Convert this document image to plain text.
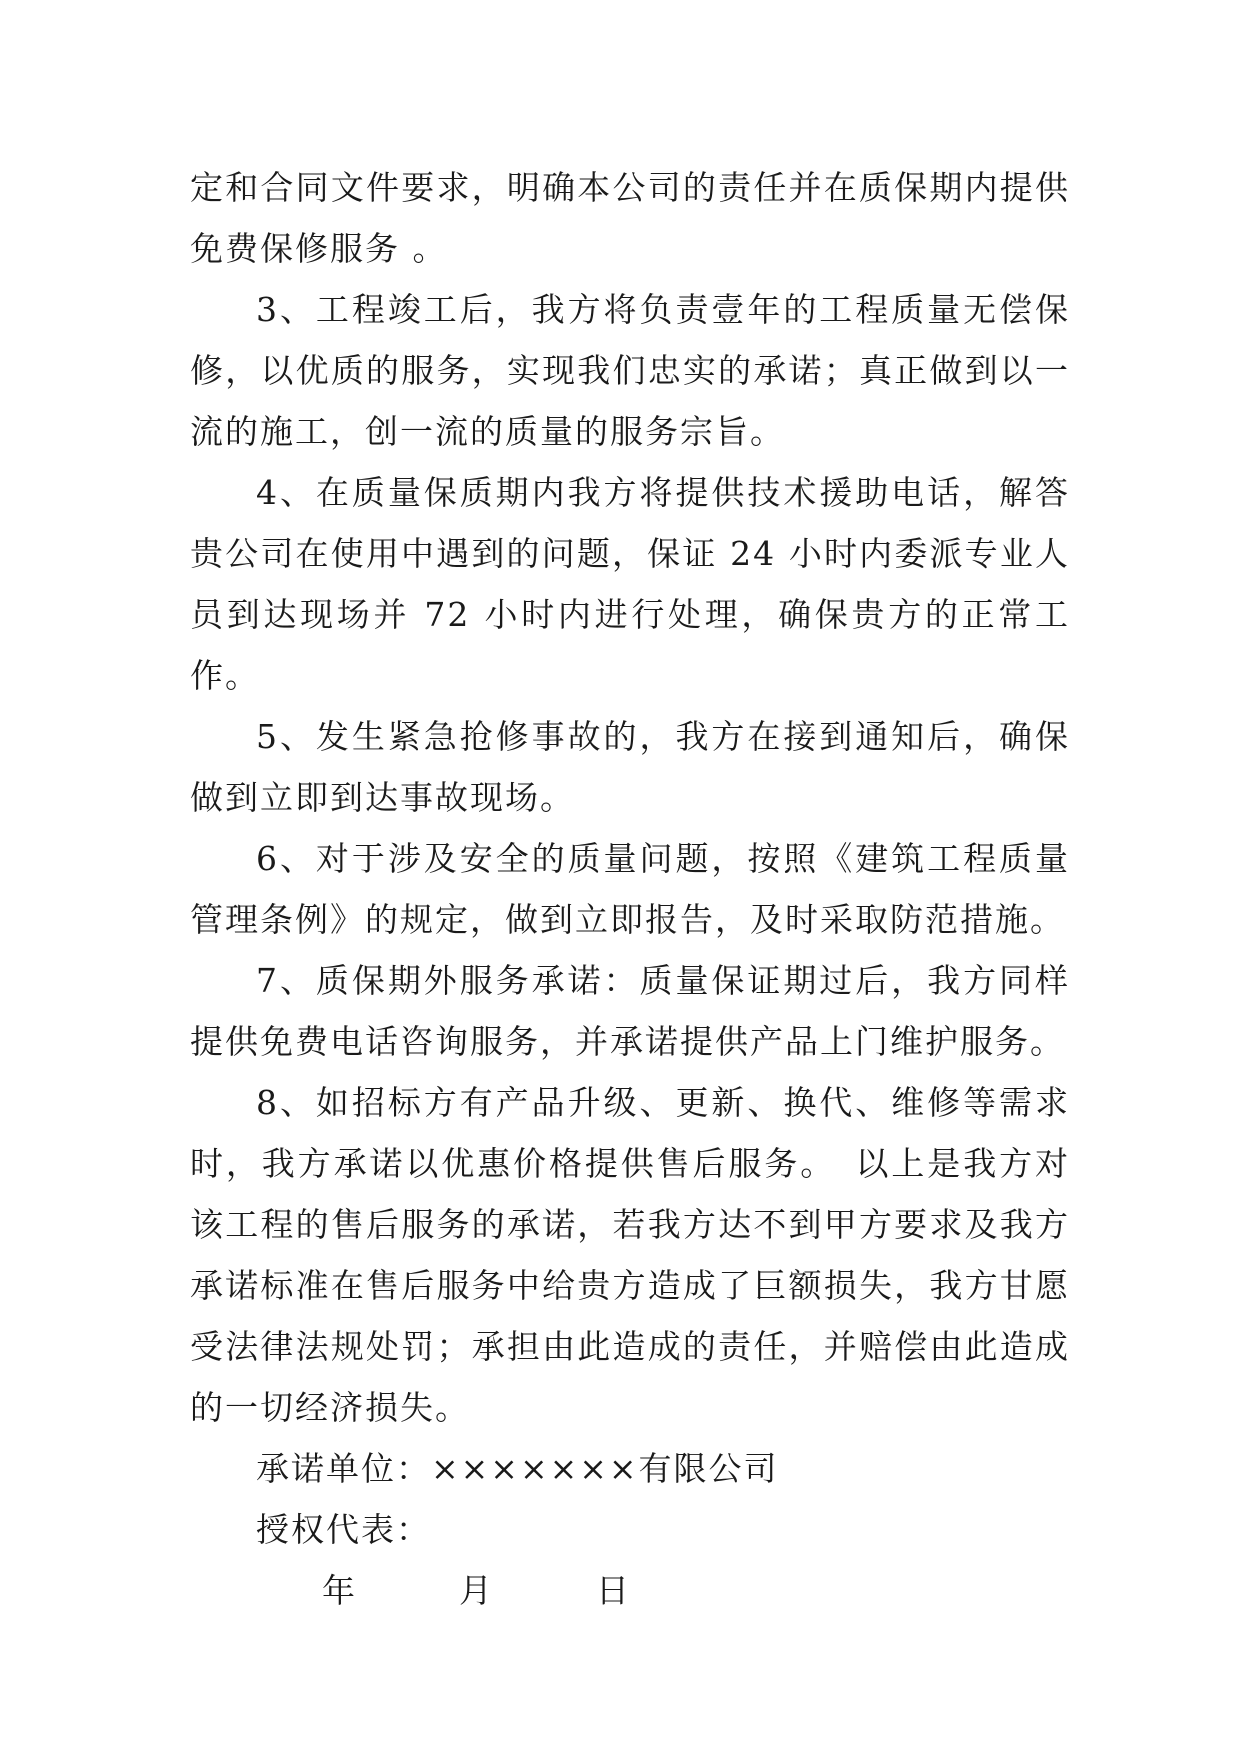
定和合同文件要求，明确本公司的责任并在质保期内提供免费保修服务 。

3、工程竣工后，我方将负责壹年的工程质量无偿保修，以优质的服务，实现我们忠实的承诺；真正做到以一流的施工，创一流的质量的服务宗旨。

4、在质量保质期内我方将提供技术援助电话，解答贵公司在使用中遇到的问题，保证 24 小时内委派专业人员到达现场并 72 小时内进行处理，确保贵方的正常工作。

5、发生紧急抢修事故的，我方在接到通知后，确保做到立即到达事故现场。

6、对于涉及安全的质量问题，按照《建筑工程质量管理条例》的规定，做到立即报告，及时采取防范措施。

7、质保期外服务承诺：质量保证期过后，我方同样提供免费电话咨询服务，并承诺提供产品上门维护服务。

8、如招标方有产品升级、更新、换代、维修等需求时，我方承诺以优惠价格提供售后服务。　以上是我方对该工程的售后服务的承诺，若我方达不到甲方要求及我方承诺标准在售后服务中给贵方造成了巨额损失，我方甘愿受法律法规处罚；承担由此造成的责任，并赔偿由此造成的一切经济损失。

承诺单位：×××××××有限公司

授权代表：

年	月	日
